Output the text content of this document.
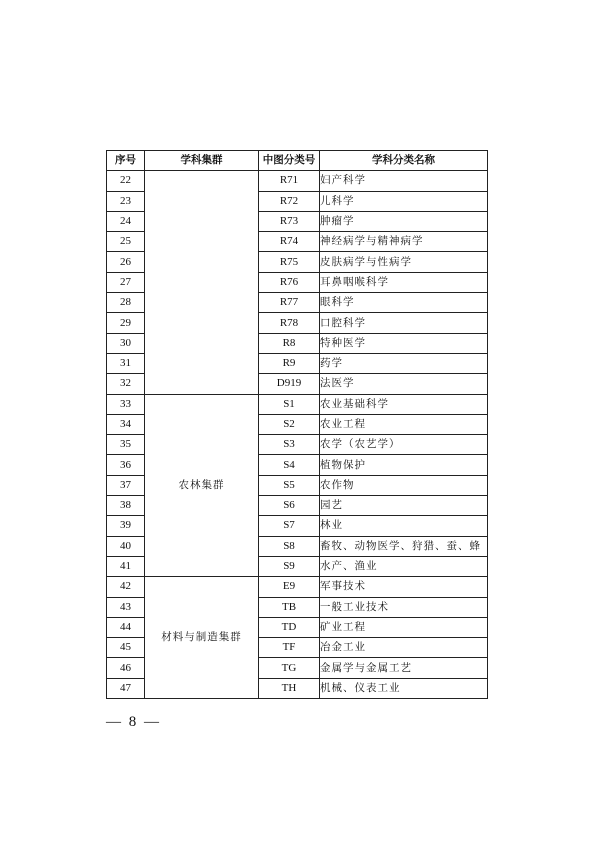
序号	学科集群	中图分类号	学科分类名称
22		R71	妇产科学
23		R72	儿科学
24		R73	肿瘤学
25		R74	神经病学与精神病学
26		R75	皮肤病学与性病学
27		R76	耳鼻咽喉科学
28		R77	眼科学
29		R78	口腔科学
30		R8	特种医学
31		R9	药学
32		D919	法医学
33	农林集群	S1	农业基础科学
34		S2	农业工程
35		S3	农学（农艺学）
36		S4	植物保护
37		S5	农作物
38		S6	园艺
39		S7	林业
40		S8	畜牧、动物医学、狩猎、蚕、蜂
41		S9	水产、渔业
42	材料与制造集群	E9	军事技术
43		TB	一般工业技术
44		TD	矿业工程
45		TF	冶金工业
46		TG	金属学与金属工艺
47		TH	机械、仪表工业
— 8 —
